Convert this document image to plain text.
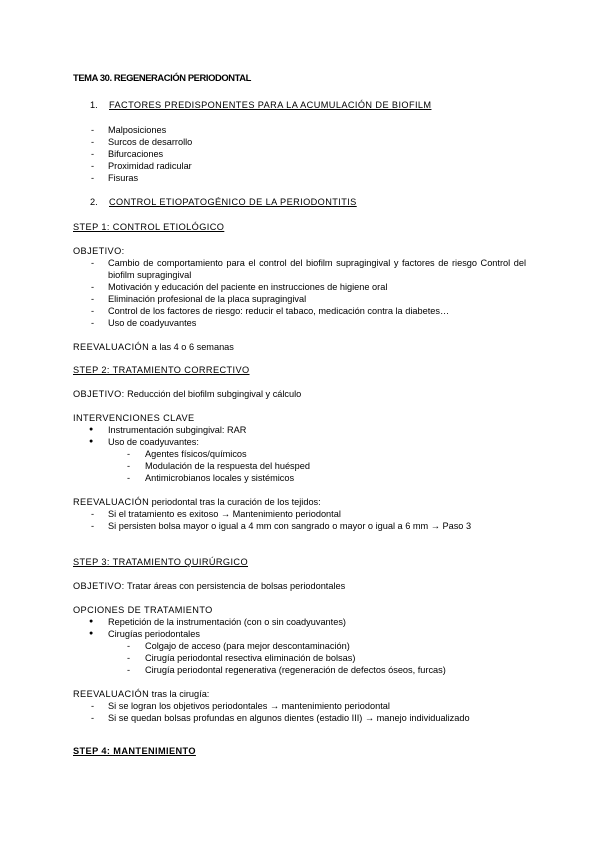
TEMA 30. REGENERACIÓN PERIODONTAL
1. FACTORES PREDISPONENTES PARA LA ACUMULACIÓN DE BIOFILM
- Malposiciones
- Surcos de desarrollo
- Bifurcaciones
- Proximidad radicular
- Fisuras
2. CONTROL ETIOPATOGÉNICO DE LA PERIODONTITIS
STEP 1: CONTROL ETIOLÓGICO
OBJETIVO:
- Cambio de comportamiento para el control del biofilm supragingival y factores de riesgo Control del biofilm supragingival
- Motivación y educación del paciente en instrucciones de higiene oral
- Eliminación profesional de la placa supragingival
- Control de los factores de riesgo: reducir el tabaco, medicación contra la diabetes…
- Uso de coadyuvantes
REEVALUACIÓN a las 4 o 6 semanas
STEP 2: TRATAMIENTO CORRECTIVO
OBJETIVO: Reducción del biofilm subgingival y cálculo
INTERVENCIONES CLAVE
● Instrumentación subgingival: RAR
● Uso de coadyuvantes:
- Agentes físicos/químicos
- Modulación de la respuesta del huésped
- Antimicrobianos locales y sistémicos
REEVALUACIÓN periodontal tras la curación de los tejidos:
- Si el tratamiento es exitoso → Mantenimiento periodontal
- Si persisten bolsa mayor o igual a 4 mm con sangrado o mayor o igual a 6 mm → Paso 3
STEP 3: TRATAMIENTO QUIRÚRGICO
OBJETIVO: Tratar áreas con persistencia de bolsas periodontales
OPCIONES DE TRATAMIENTO
● Repetición de la instrumentación (con o sin coadyuvantes)
● Cirugías periodontales
- Colgajo de acceso (para mejor descontaminación)
- Cirugía periodontal resectiva eliminación de bolsas)
- Cirugía periodontal regenerativa (regeneración de defectos óseos, furcas)
REEVALUACIÓN tras la cirugía:
- Si se logran los objetivos periodontales → mantenimiento periodontal
- Si se quedan bolsas profundas en algunos dientes (estadio III) → manejo individualizado
STEP 4: MANTENIMIENTO
